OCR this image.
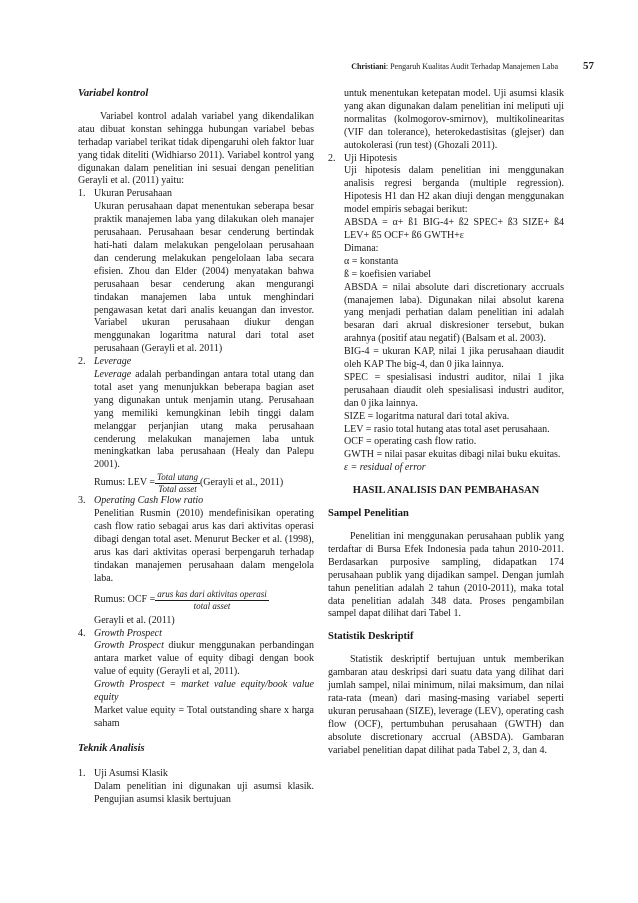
Christiani: Pengaruh Kualitas Audit Terhadap Manajemen Laba 57
Variabel kontrol

Variabel kontrol adalah variabel yang dikendalikan atau dibuat konstan sehingga hubungan variabel bebas terhadap variabel terikat tidak dipengaruhi oleh faktor luar yang tidak diteliti (Widhiarso 2011). Variabel kontrol yang digunakan dalam penelitian ini sesuai dengan penelitian Gerayli et al. (2011) yaitu:

1. Ukuran Perusahaan

Ukuran perusahaan dapat menentukan seberapa besar praktik manajemen laba yang dilakukan oleh manajer perusahaan. Perusahaan besar cenderung bertindak hati-hati dalam melakukan pengelolaan perusahaan dan cenderung melakukan pengelolaan laba secara efisien. Zhou dan Elder (2004) menyatakan bahwa perusahaan besar cenderung akan mengurangi tindakan manajemen laba untuk menghindari pengawasan ketat dari analis keuangan dan investor. Variabel ukuran perusahaan diukur dengan menggunakan logaritma natural dari total aset perusahaan (Gerayli et al. 2011)

2. Leverage

Leverage adalah perbandingan antara total utang dan total aset yang menunjukkan beberapa bagian aset yang digunakan untuk menjamin utang. Perusahaan yang memiliki kemungkinan lebih tinggi dalam melanggar perjanjian utang maka perusahaan cenderung melakukan manajemen laba untuk meningkatkan laba perusahaan (Healy dan Palepu 2001).

Rumus: LEV = $\frac{\text{Total utang}}{\text{Total asset}}$ (Gerayli et al., 2011)
3. Operating Cash Flow ratio

Penelitian Rusmin (2010) mendefinisikan operating cash flow ratio sebagai arus kas dari aktivitas operasi dibagi dengan total aset. Menurut Becker et al. (1998), arus kas dari aktivitas operasi berpengaruh terhadap tindakan manajemen perusahaan dalam mengelola laba.

Rumus: OCF = $\frac{\text{arus kas dari aktivitas operasi}}{\text{total asset}}$

Gerayli et al. (2011)

4. Growth Prospect

Growth Prospect diukur menggunakan perbandingan antara market value of equity dibagi dengan book value of equity (Gerayli et al, 2011).

Growth Prospect = market value equity/book value equity

Market value equity = Total outstanding share x harga saham

Teknik Analisis
1. Uji Asumsi Klasik

Dalam penelitian ini digunakan uji asumsi klasik. Pengujian asumsi klasik bertujuan

untuk menentukan ketepatan model. Uji asumsi klasik yang akan digunakan dalam penelitian ini meliputi uji normalitas (kolmogorov-smirnov), multikolinearitas (VIF dan tolerance), heterokedastisitas (glejser) dan autokolerasi (run test) (Ghozali 2011).

2. Uji Hipotesis

Uji hipotesis dalam penelitian ini menggunakan analisis regresi berganda (multiple regression). Hipotesis H1 dan H2 akan diuji dengan menggunakan model empiris sebagai berikut:

ABSDA = α+ ß1 BIG-4+ ß2 SPEC+ ß3 SIZE+ ß4 LEV+ ß5 OCF+ ß6 GWTH+ε

Dimana:

α = konstanta

ß = koefisien variabel

ABSDA = nilai absolute dari discretionary accruals (manajemen laba). Digunakan nilai absolut karena yang menjadi perhatian dalam penelitian ini adalah besaran dari akrual diskresioner tersebut, bukan arahnya (positif atau negatif) (Balsam et al. 2003).

BIG-4 = ukuran KAP, nilai 1 jika perusahaan diaudit oleh KAP The big-4, dan 0 jika lainnya.

SPEC = spesialisasi industri auditor, nilai 1 jika perusahaan diaudit oleh spesialisasi industri auditor, dan 0 jika lainnya.

SIZE = logaritma natural dari total akiva.

LEV = rasio total hutang atas total aset perusahaan.

OCF = operating cash flow ratio.

GWTH = nilai pasar ekuitas dibagi nilai buku ekuitas.

ε = residual of error

HASIL ANALISIS DAN PEMBAHASAN
Sampel Penelitian

Penelitian ini menggunakan perusahaan publik yang terdaftar di Bursa Efek Indonesia pada tahun 2010-2011. Berdasarkan purposive sampling, didapatkan 174 perusahaan publik yang dijadikan sampel. Dengan jumlah tahun penelitian adalah 2 tahun (2010-2011), maka total data penelitian adalah 348 data. Proses pengambilan sampel dapat dilihat dari Tabel 1.

Statistik Deskriptif

Statistik deskriptif bertujuan untuk memberikan gambaran atau deskripsi dari suatu data yang dilihat dari jumlah sampel, nilai minimum, nilai maksimum, dan nilai rata-rata (mean) dari masing-masing variabel seperti ukuran perusahaan (SIZE), leverage (LEV), operating cash flow (OCF), pertumbuhan perusahaan (GWTH) dan absolute discretionary accrual (ABSDA). Gambaran variabel penelitian dapat dilihat pada Tabel 2, 3, dan 4.
